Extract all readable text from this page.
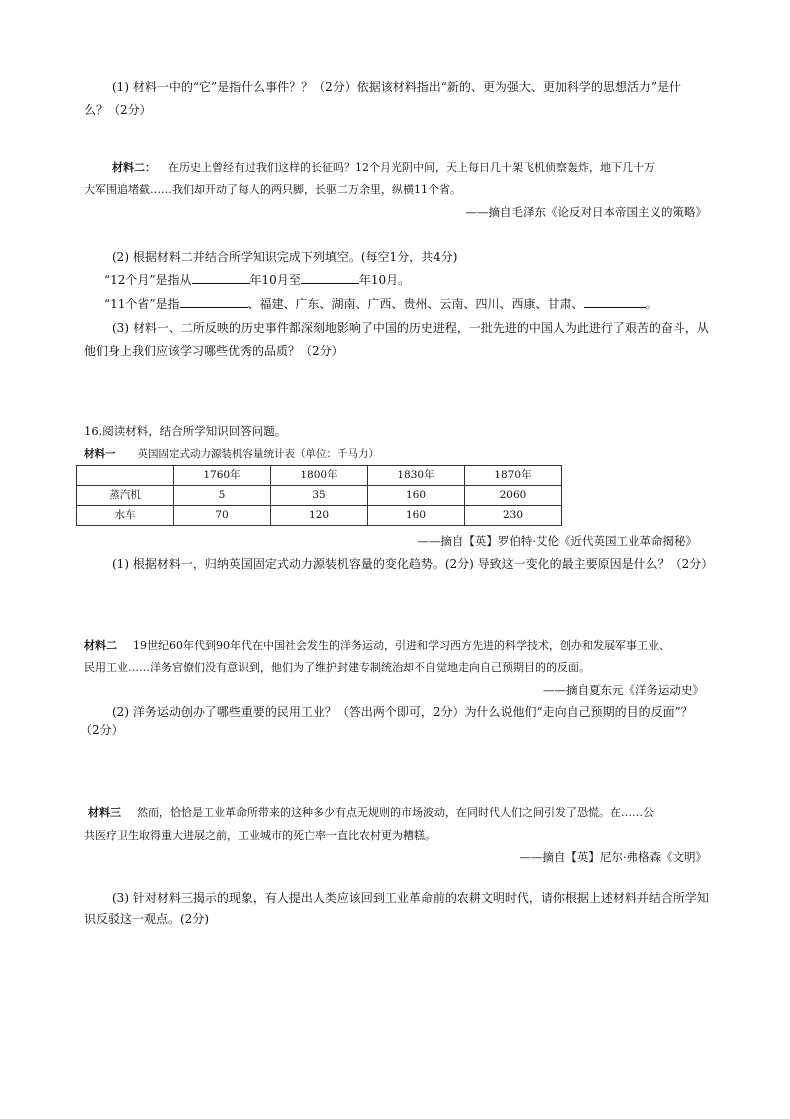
(1) 材料一中的“它”是指什么事件？？（2分）依据该材料指出“新的、更为强大、更加科学的思想活力”是什
么？（2分）
材料二： 在历史上曾经有过我们这样的长征吗？12个月光阴中间，天上每日几十架飞机侦察轰炸，地下几十万
大军围追堵截……我们却开动了每人的两只脚，长驱二万余里，纵横11个省。
——摘自毛泽东《论反对日本帝国主义的策略》
(2) 根据材料二并结合所学知识完成下列填空。(每空1分，共4分)
“12个月”是指从	年10月至	年10月。
“11个省”是指	、福建、广东、湖南、广西、贵州、云南、四川、西康、甘肃、	。
(3) 材料一、二所反映的历史事件都深刻地影响了中国的历史进程，一批先进的中国人为此进行了艰苦的奋斗，从
他们身上我们应该学习哪些优秀的品质？（2分）
16.阅读材料，结合所学知识回答问题。
材料一 英国固定式动力源装机容量统计表（单位：千马力）
	1760年	1800年	1830年	1870年
蒸汽机	5	35	160	2060
水车	70	120	160	230
——摘自【英】罗伯特·艾伦《近代英国工业革命揭秘》
(1) 根据材料一，归纳英国固定式动力源装机容量的变化趋势。(2分) 导致这一变化的最主要原因是什么？（2分）
材料二 19世纪60年代到90年代在中国社会发生的洋务运动，引进和学习西方先进的科学技术，创办和发展军事工业、
民用工业……洋务官僚们没有意识到，他们为了维护封建专制统治却不自觉地走向自己预期目的的反面。
——摘自夏东元《洋务运动史》
(2) 洋务运动创办了哪些重要的民用工业？（答出两个即可，2分）为什么说他们“走向自己预期的目的反面”？
（2分）
材料三 然而，恰恰是工业革命所带来的这种多少有点无规则的市场波动，在同时代人们之间引发了恐慌。在……公
共医疗卫生取得重大进展之前，工业城市的死亡率一直比农村更为糟糕。
——摘自【英】尼尔·弗格森《文明》
(3) 针对材料三揭示的现象，有人提出人类应该回到工业革命前的农耕文明时代，请你根据上述材料并结合所学知
识反驳这一观点。(2分)
